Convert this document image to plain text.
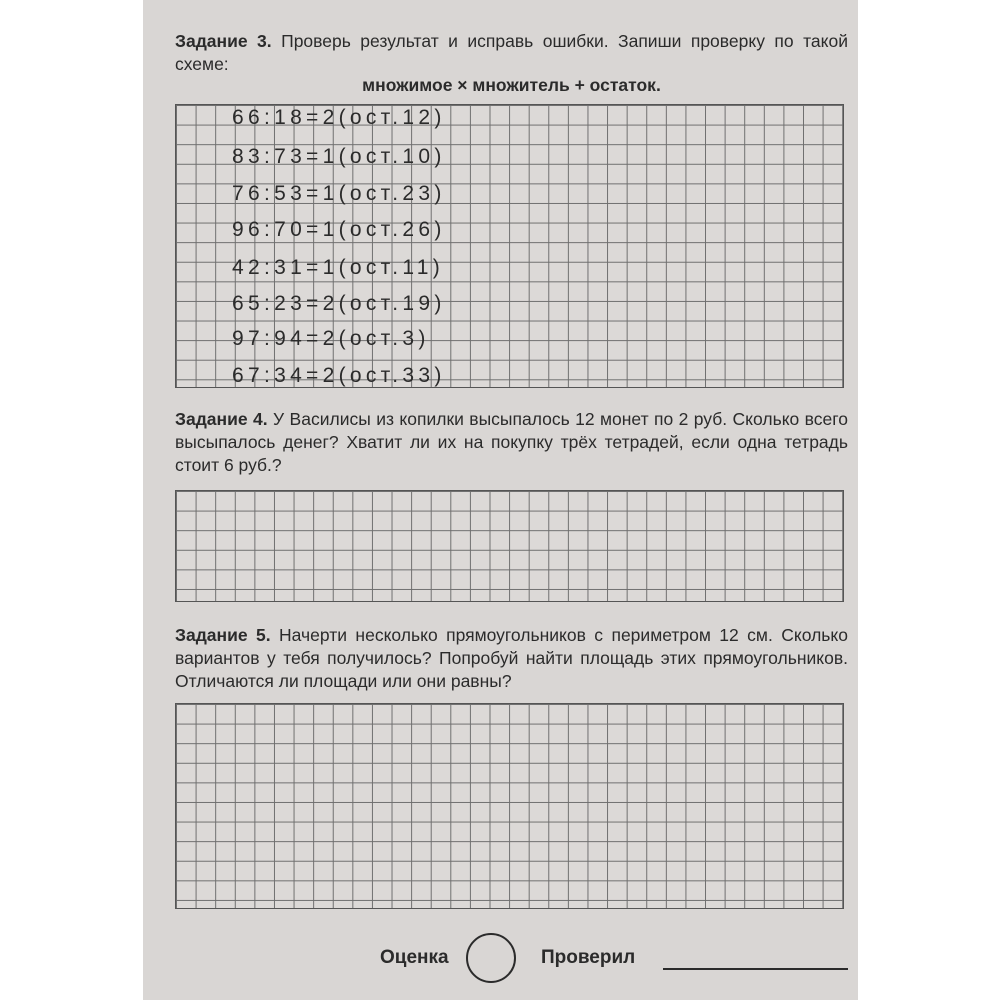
Задание 3. Проверь результат и исправь ошибки. Запиши проверку по такой схеме:

множимое × множитель + остаток.

66:18=2(ост.12)

83:73=1(ост.10)

76:53=1(ост.23)

96:70=1(ост.26)

42:31=1(ост.11)

65:23=2(ост.19)

97:94=2(ост.3)

67:34=2(ост.33)

Задание 4. У Василисы из копилки высыпалось 12 монет по 2 руб. Сколько всего высыпалось денег? Хватит ли их на покупку трёх тетрадей, если одна тетрадь стоит 6 руб.?

Задание 5. Начерти несколько прямоугольников с периметром 12 см. Сколько вариантов у тебя получилось? Попробуй найти площадь этих прямоугольников. Отличаются ли площади или они равны?

Оценка	Проверил
